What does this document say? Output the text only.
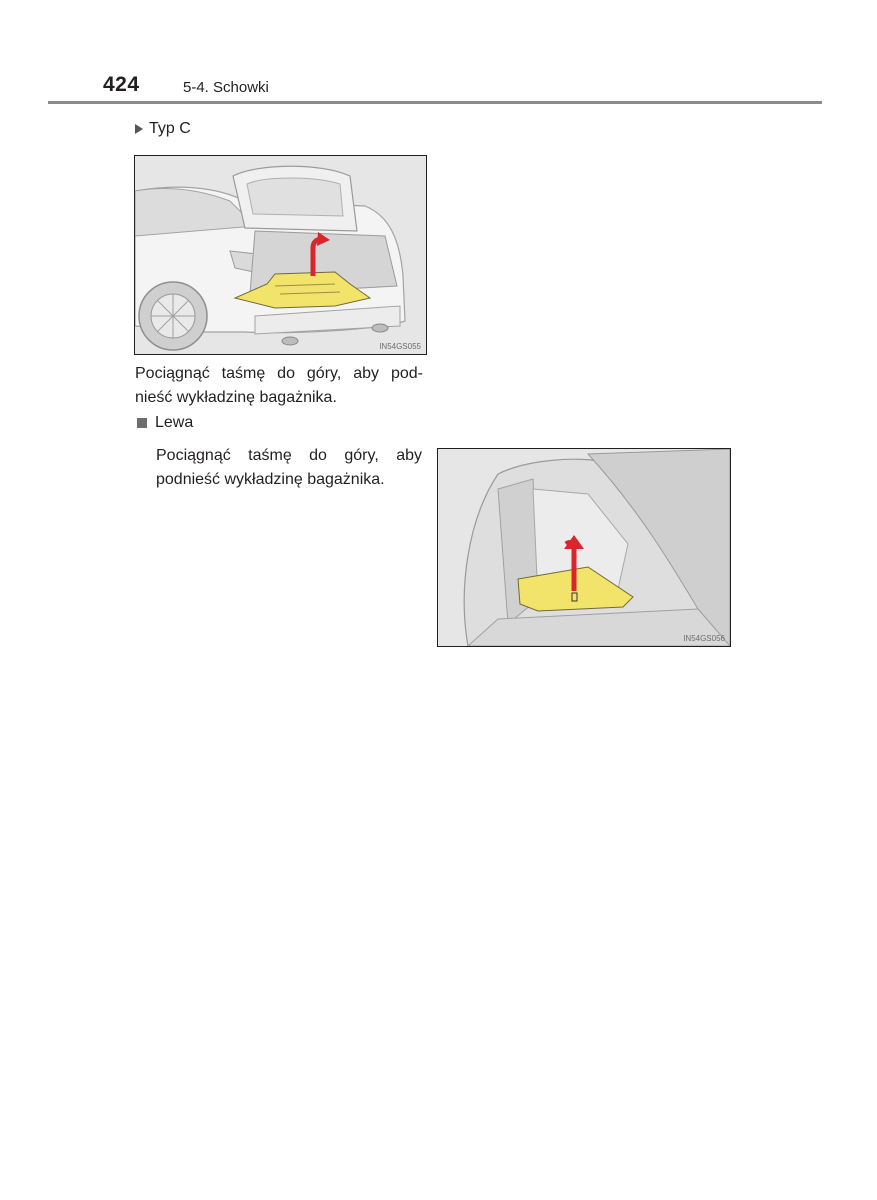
424	5-4. Schowki
Typ C
IN54GS055
Pociągnąć taśmę do góry, aby pod-
nieść wykładzinę bagażnika.
Lewa
Pociągnąć taśmę do góry, aby
podnieść wykładzinę bagażnika.
IN54GS056
